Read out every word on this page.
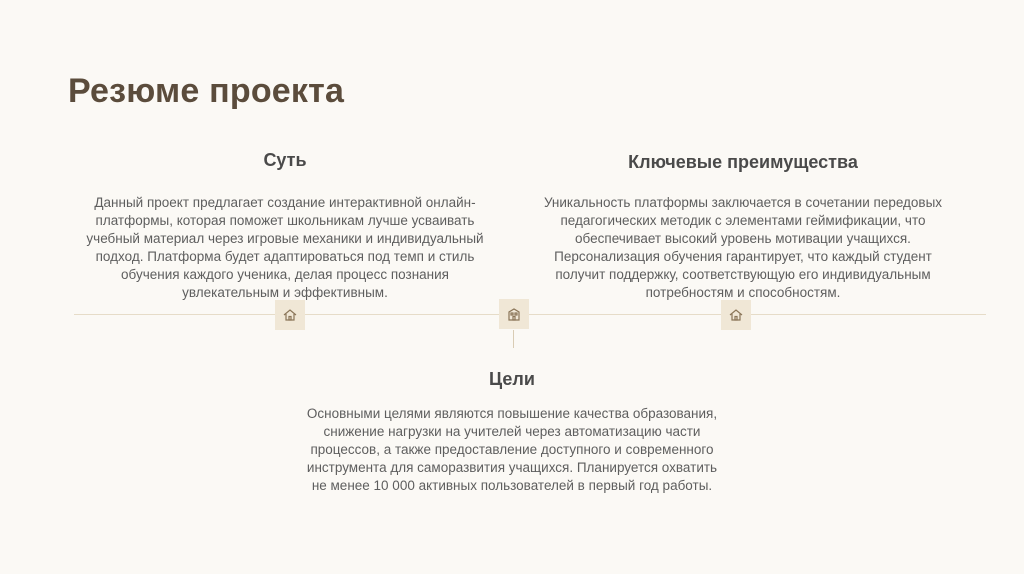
Резюме проекта
Суть

Данный проект предлагает создание интерактивной онлайн-платформы, которая поможет школьникам лучше усваивать учебный материал через игровые механики и индивидуальный подход. Платформа будет адаптироваться под темп и стиль обучения каждого ученика, делая процесс познания увлекательным и эффективным.

Ключевые преимущества

Уникальность платформы заключается в сочетании передовых педагогических методик с элементами геймификации, что обеспечивает высокий уровень мотивации учащихся. Персонализация обучения гарантирует, что каждый студент получит поддержку, соответствующую его индивидуальным потребностям и способностям.

Цели

Основными целями являются повышение качества образования, снижение нагрузки на учителей через автоматизацию части процессов, а также предоставление доступного и современного инструмента для саморазвития учащихся. Планируется охватить не менее 10 000 активных пользователей в первый год работы.
